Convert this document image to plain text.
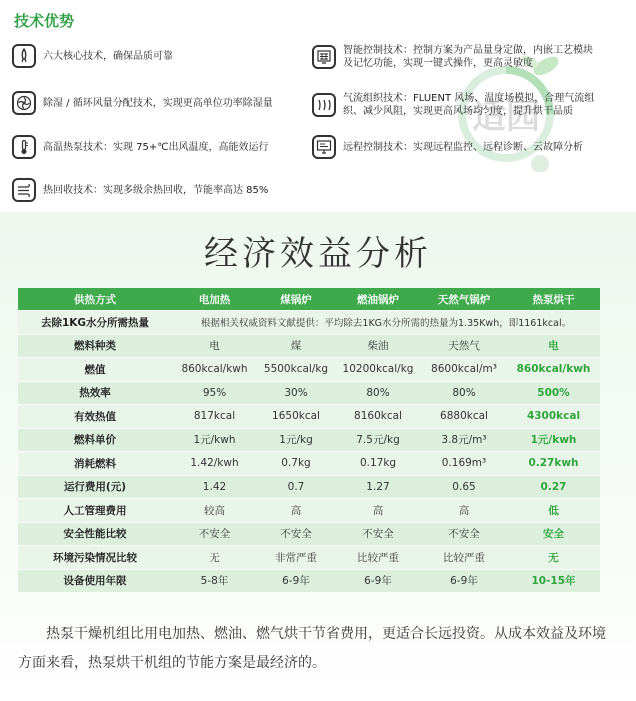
技术优势
适园
六大核心技术，确保品质可靠
除湿 / 循环风量分配技术，实现更高单位功率除湿量
高温热泵技术：实现 75+℃出风温度，高能效运行
热回收技术：实现多级余热回收，节能率高达 85%
智能控制技术：控制方案为产品量身定做，内嵌工艺模块
及记忆功能，实现一键式操作，更高灵敏度
气流组织技术：FLUENT 风场、温度场模拟，合理气流组
织、减少风阻，实现更高风场均匀度，提升烘干品质
远程控制技术：实现远程监控、远程诊断、云故障分析
经济效益分析
供热方式	电加热	煤锅炉	燃油锅炉	天然气锅炉	热泵烘干
去除1KG水分所需热量	根据相关权威资料文献提供：平均除去1KG水分所需的热量为1.35Kwh，即1161kcal。				
燃料种类	电	煤	柴油	天然气	电
燃值	860kcal/kwh	5500kcal/kg	10200kcal/kg	8600kcal/m³	860kcal/kwh
热效率	95%	30%	80%	80%	500%
有效热值	817kcal	1650kcal	8160kcal	6880kcal	4300kcal
燃料单价	1元/kwh	1元/kg	7.5元/kg	3.8元/m³	1元/kwh
消耗燃料	1.42/kwh	0.7kg	0.17kg	0.169m³	0.27kwh
运行费用(元)	1.42	0.7	1.27	0.65	0.27
人工管理费用	较高	高	高	高	低
安全性能比较	不安全	不安全	不安全	不安全	安全
环境污染情况比较	无	非常严重	比较严重	比较严重	无
设备使用年限	5-8年	6-9年	6-9年	6-9年	10-15年
热泵干燥机组比用电加热、燃油、燃气烘干节省费用，更适合长远投资。从成本效益及环境方面来看，热泵烘干机组的节能方案是最经济的。
